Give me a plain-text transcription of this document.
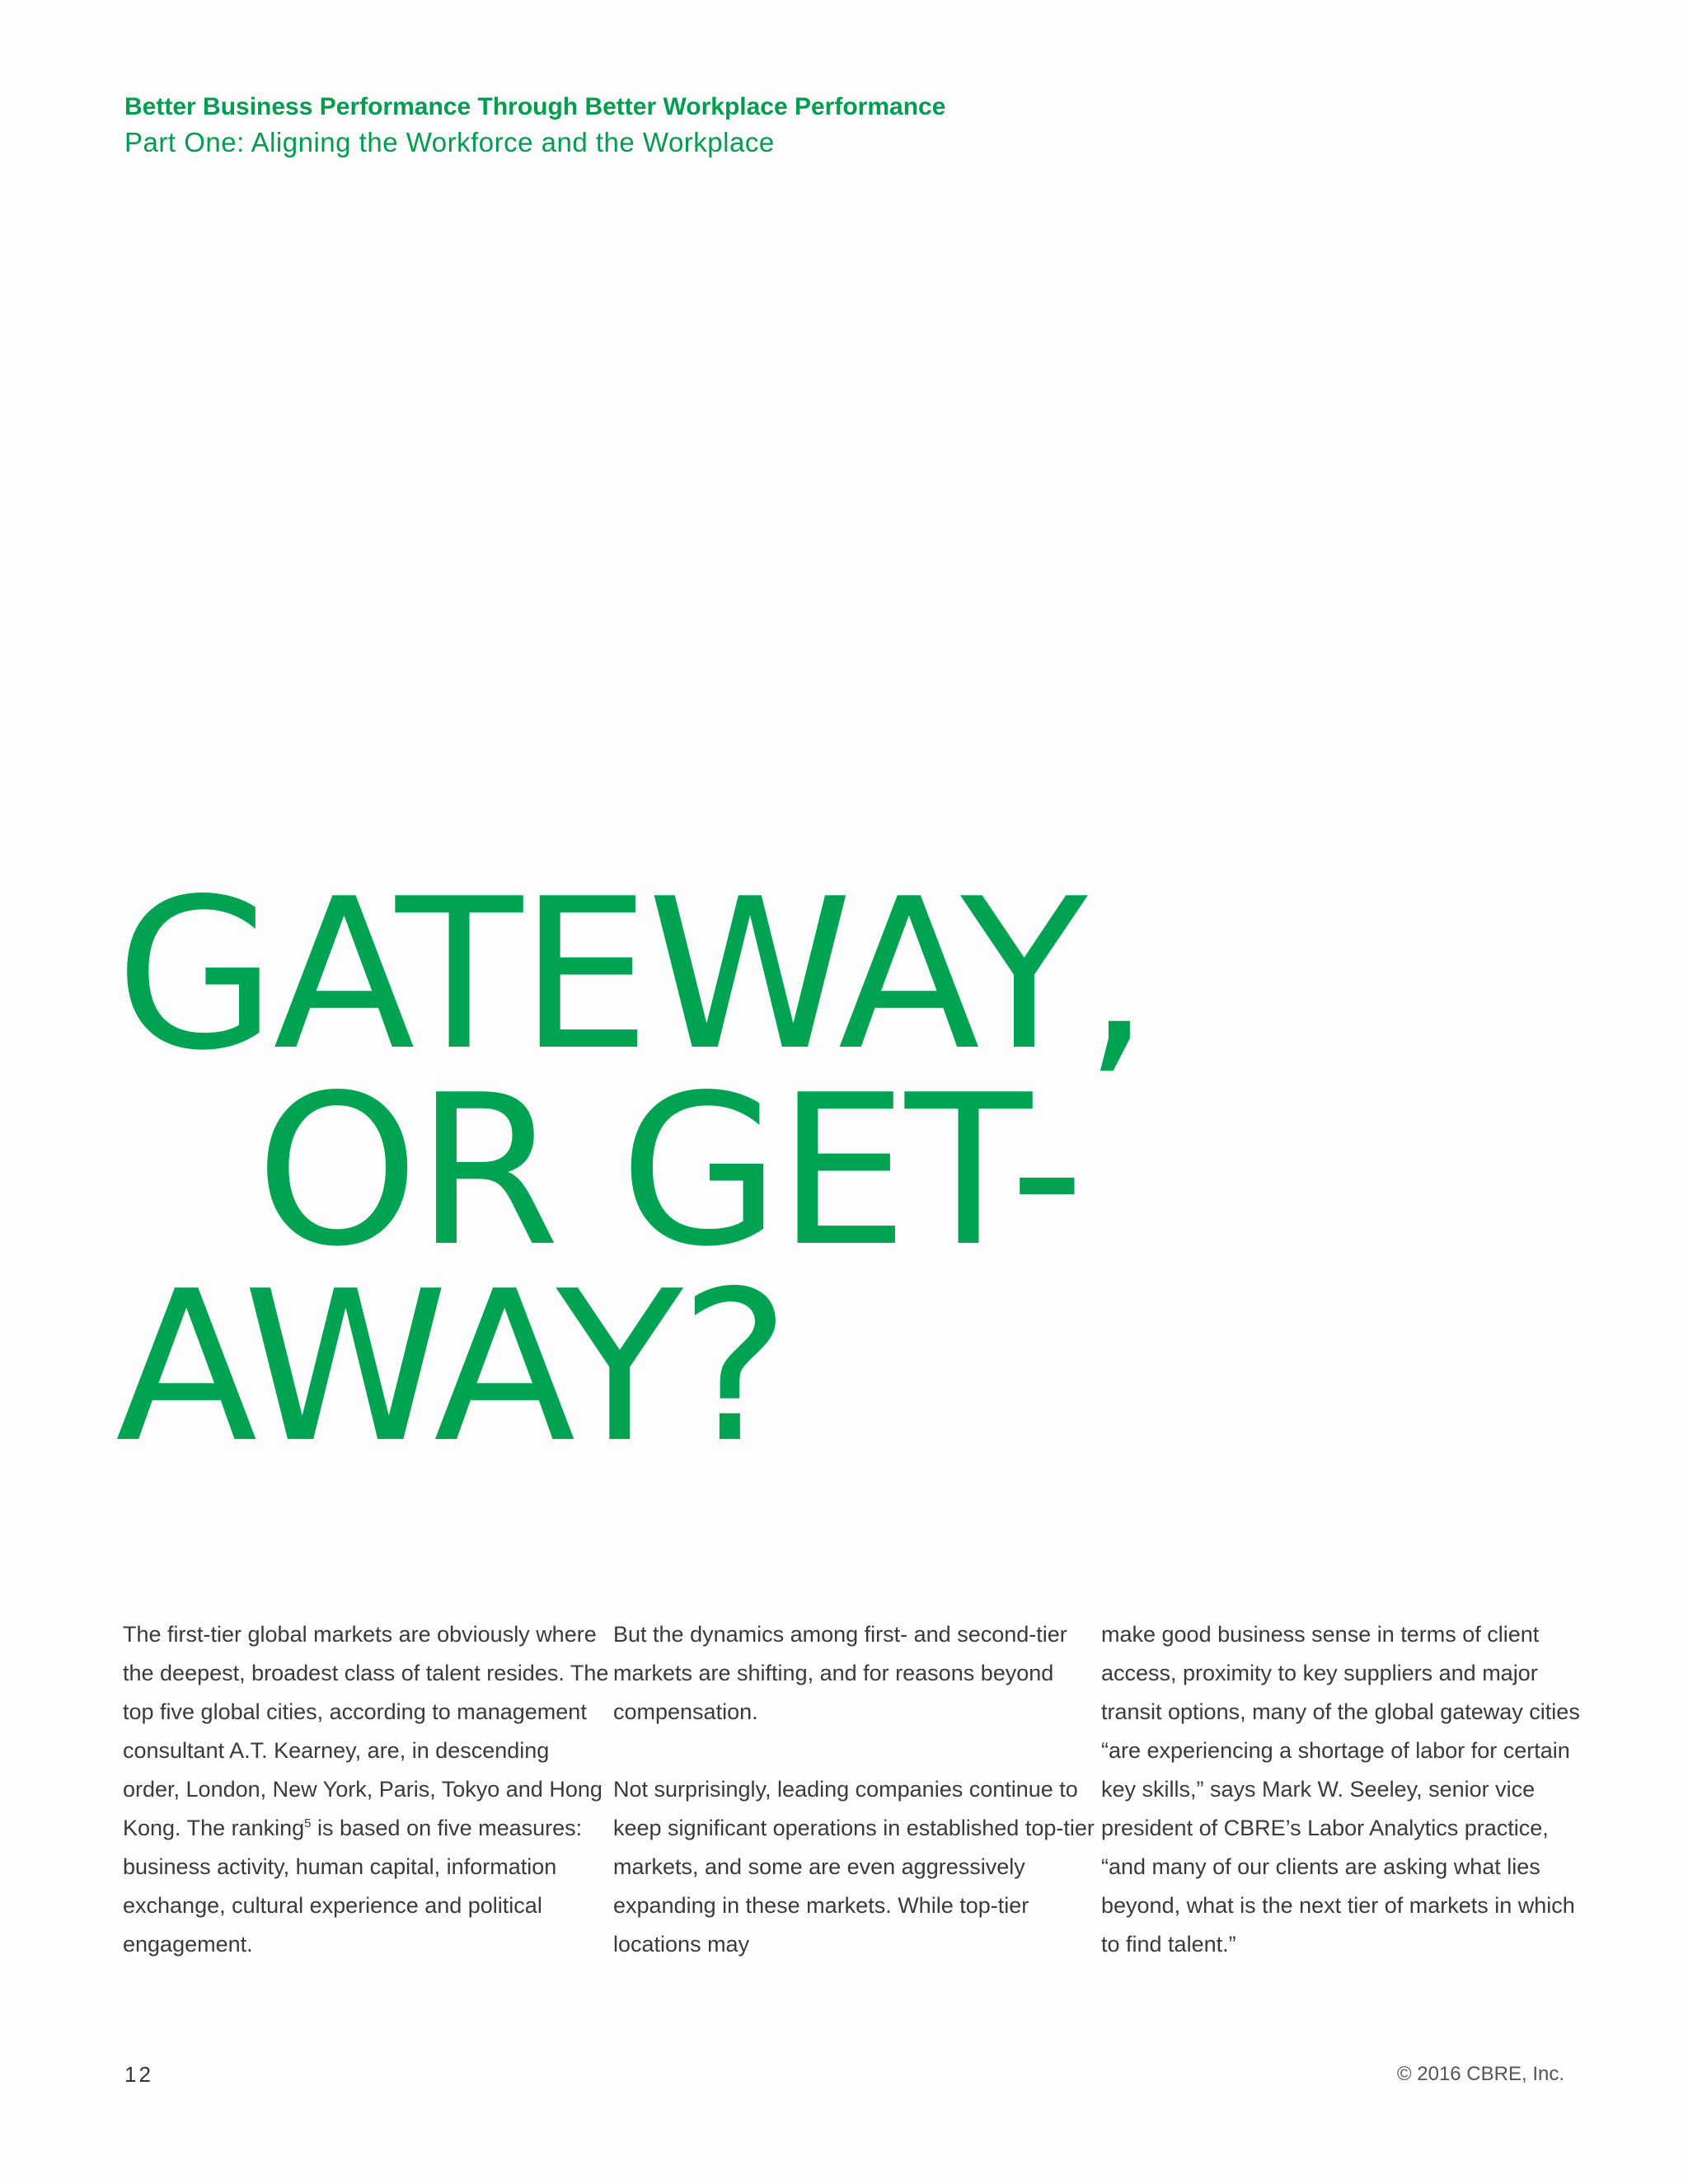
Better Business Performance Through Better Workplace Performance
Part One: Aligning the Workforce and the Workplace
GATEWAY,
OR GET-
AWAY?

The first-tier global markets are obviously where the deepest, broadest class of talent resides. The top five global cities, according to management consultant A.T. Kearney, are, in descending order, London, New York, Paris, Tokyo and Hong Kong. The ranking$^5$ is based on five measures: business activity, human capital, information exchange, cultural experience and political engagement.

But the dynamics among first- and second-tier markets are shifting, and for reasons beyond compensation.

Not surprisingly, leading companies continue to keep significant operations in established top-tier markets, and some are even aggressively expanding in these markets. While top-tier locations may

make good business sense in terms of client access, proximity to key suppliers and major transit options, many of the global gateway cities “are experiencing a shortage of labor for certain key skills,” says Mark W. Seeley, senior vice president of CBRE’s Labor Analytics practice, “and many of our clients are asking what lies beyond, what is the next tier of markets in which to find talent.”

12	© 2016 CBRE, Inc.
